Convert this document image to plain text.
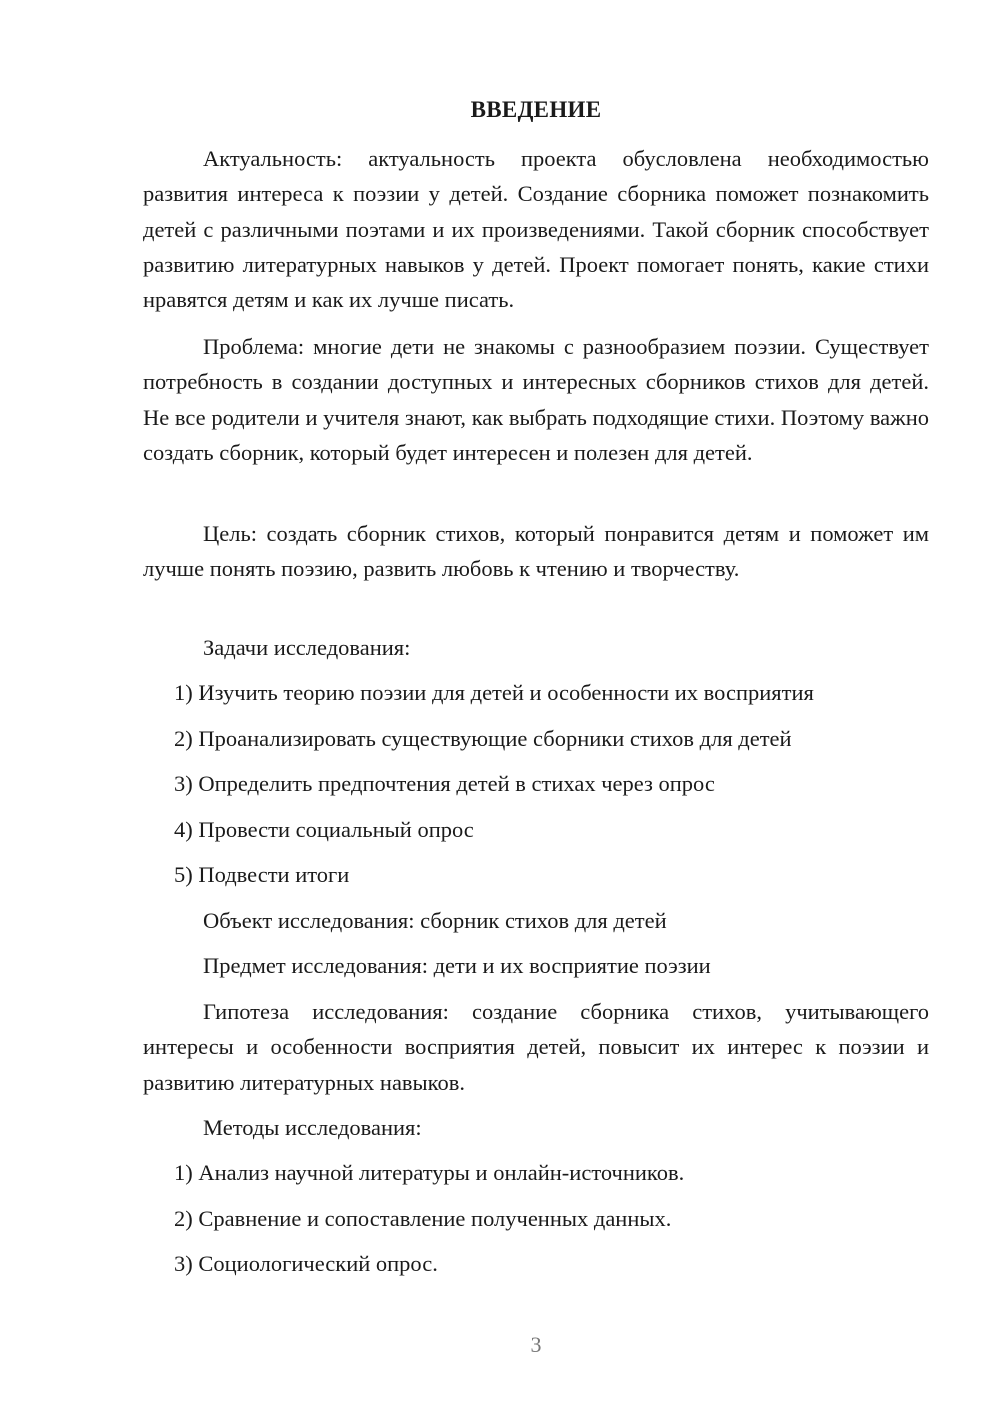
ВВЕДЕНИЕ

Актуальность: актуальность проекта обусловлена необходимостью развития интереса к поэзии у детей. Создание сборника поможет познакомить детей с различными поэтами и их произведениями. Такой сборник способствует развитию литературных навыков у детей. Проект помогает понять, какие стихи нравятся детям и как их лучше писать.

Проблема: многие дети не знакомы с разнообразием поэзии. Существует потребность в создании доступных и интересных сборников стихов для детей. Не все родители и учителя знают, как выбрать подходящие стихи. Поэтому важно создать сборник, который будет интересен и полезен для детей.

Цель: создать сборник стихов, который понравится детям и поможет им лучше понять поэзию, развить любовь к чтению и творчеству.

Задачи исследования:
1) Изучить теорию поэзии для детей и особенности их восприятия
2) Проанализировать существующие сборники стихов для детей
3) Определить предпочтения детей в стихах через опрос
4) Провести социальный опрос
5) Подвести итоги
Объект исследования: сборник стихов для детей
Предмет исследования: дети и их восприятие поэзии

Гипотеза исследования: создание сборника стихов, учитывающего интересы и особенности восприятия детей, повысит их интерес к поэзии и развитию литературных навыков.

Методы исследования:
1) Анализ научной литературы и онлайн-источников.
2) Сравнение и сопоставление полученных данных.
3) Социологический опрос.
3
